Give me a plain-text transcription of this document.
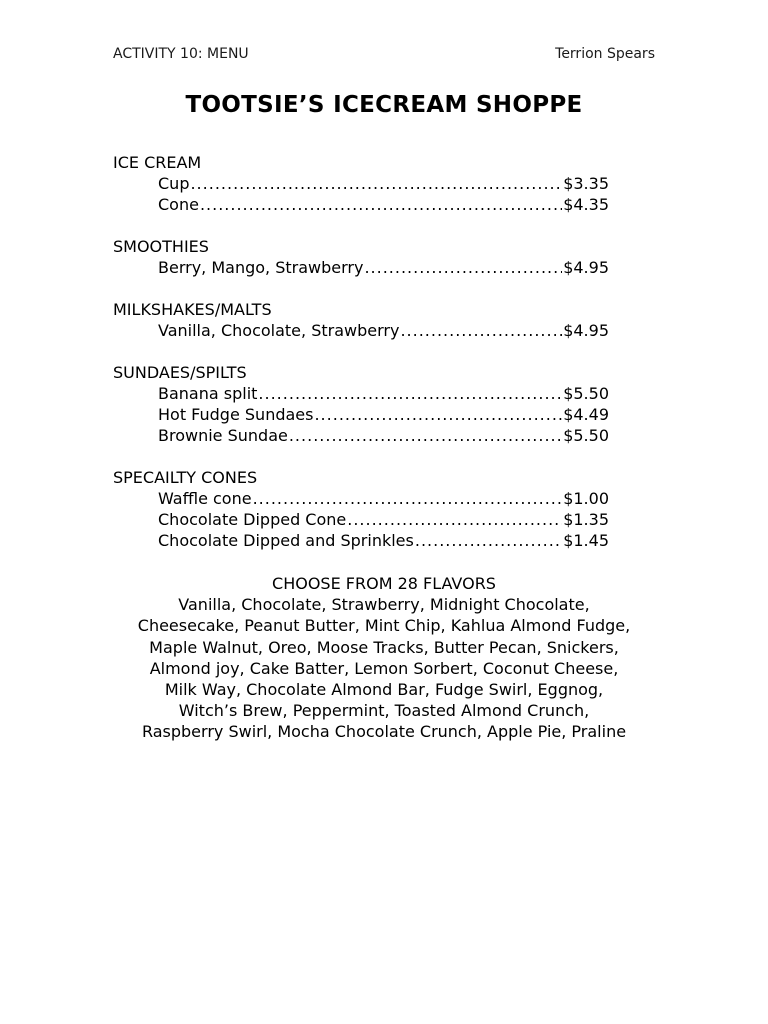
ACTIVITY 10: MENU	Terrion Spears
TOOTSIE’S ICECREAM SHOPPE
ICE CREAM
Cup .....	$3.35
Cone .....	$4.35
SMOOTHIES
Berry, Mango, Strawberry .....	$4.95
MILKSHAKES/MALTS
Vanilla, Chocolate, Strawberry .....	$4.95
SUNDAES/SPILTS
Banana split .....	$5.50
Hot Fudge Sundaes .....	$4.49
Brownie Sundae .....	$5.50
SPECAILTY CONES
Waffle cone .....	$1.00
Chocolate Dipped Cone .....	$1.35
Chocolate Dipped and Sprinkles .....	$1.45
CHOOSE FROM 28 FLAVORS
Vanilla, Chocolate, Strawberry, Midnight Chocolate,
Cheesecake, Peanut Butter, Mint Chip, Kahlua Almond Fudge,
Maple Walnut, Oreo, Moose Tracks, Butter Pecan, Snickers,
Almond joy, Cake Batter, Lemon Sorbert, Coconut Cheese,
Milk Way, Chocolate Almond Bar, Fudge Swirl, Eggnog,
Witch’s Brew, Peppermint, Toasted Almond Crunch,
Raspberry Swirl, Mocha Chocolate Crunch, Apple Pie, Praline
